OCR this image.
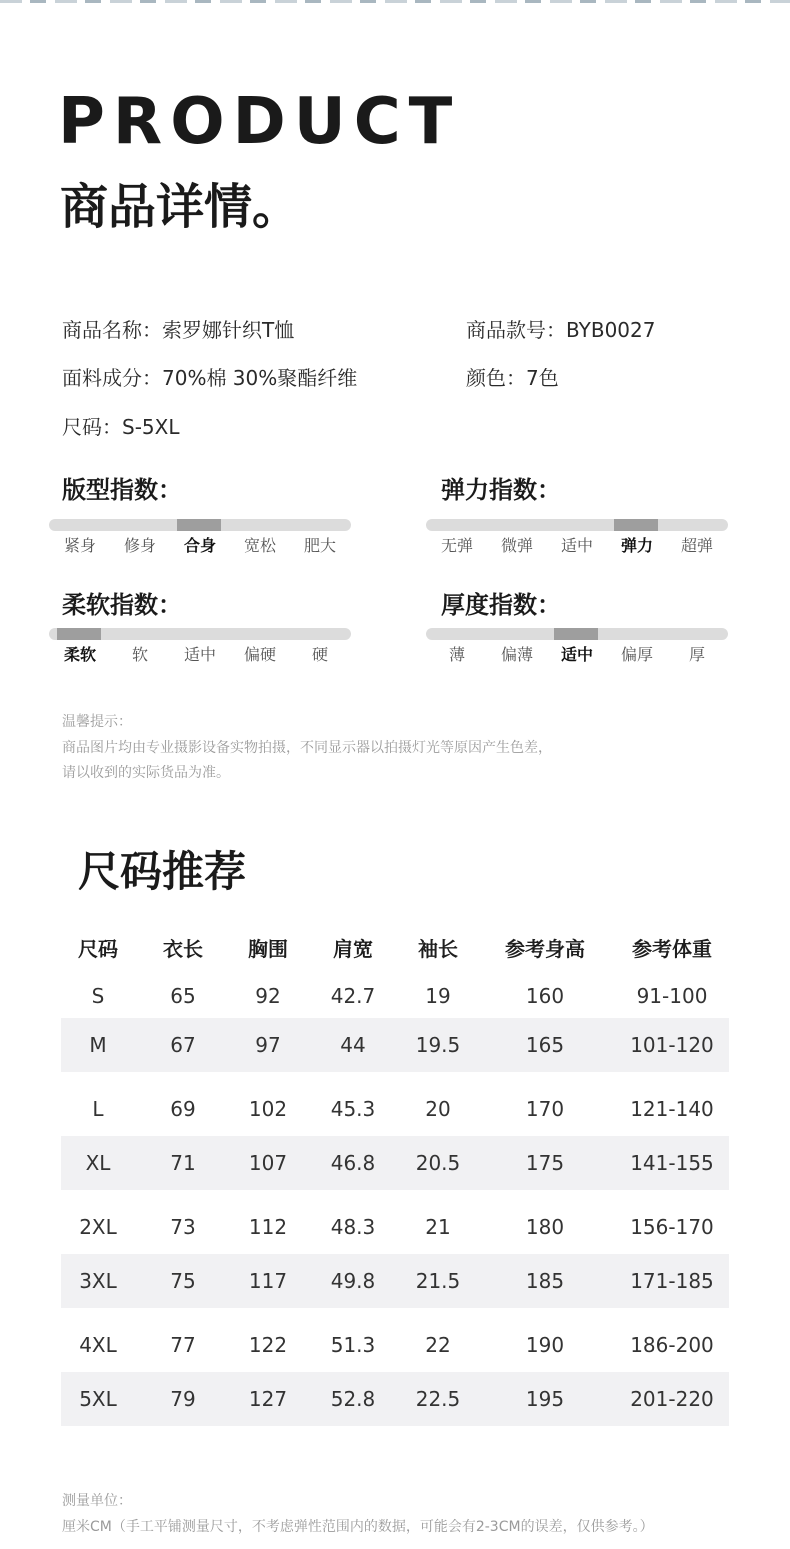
PRODUCT
商品详情。
商品名称：索罗娜针织T恤	商品款号：BYB0027
面料成分：70%棉 30%聚酯纤维	颜色：7色
尺码：S-5XL
版型指数：	弹力指数：
柔软指数：	厚度指数：
温馨提示：
商品图片均由专业摄影设备实物拍摄，不同显示器以拍摄灯光等原因产生色差，
请以收到的实际货品为准。
尺码推荐
尺码	衣长	胸围	肩宽	袖长	参考身高	参考体重
S	65	92	42.7	19	160	91-100
M	67	97	44	19.5	165	101-120
L	69	102	45.3	20	170	121-140
XL	71	107	46.8	20.5	175	141-155
2XL	73	112	48.3	21	180	156-170
3XL	75	117	49.8	21.5	185	171-185
4XL	77	122	51.3	22	190	186-200
5XL	79	127	52.8	22.5	195	201-220
测量单位：
厘米CM（手工平铺测量尺寸，不考虑弹性范围内的数据，可能会有2-3CM的误差，仅供参考。）
紧身	修身	合身	宽松	肥大	无弹	微弹	适中	弹力	超弹
柔软	软	适中	偏硬	硬	薄	偏薄	适中	偏厚	厚
